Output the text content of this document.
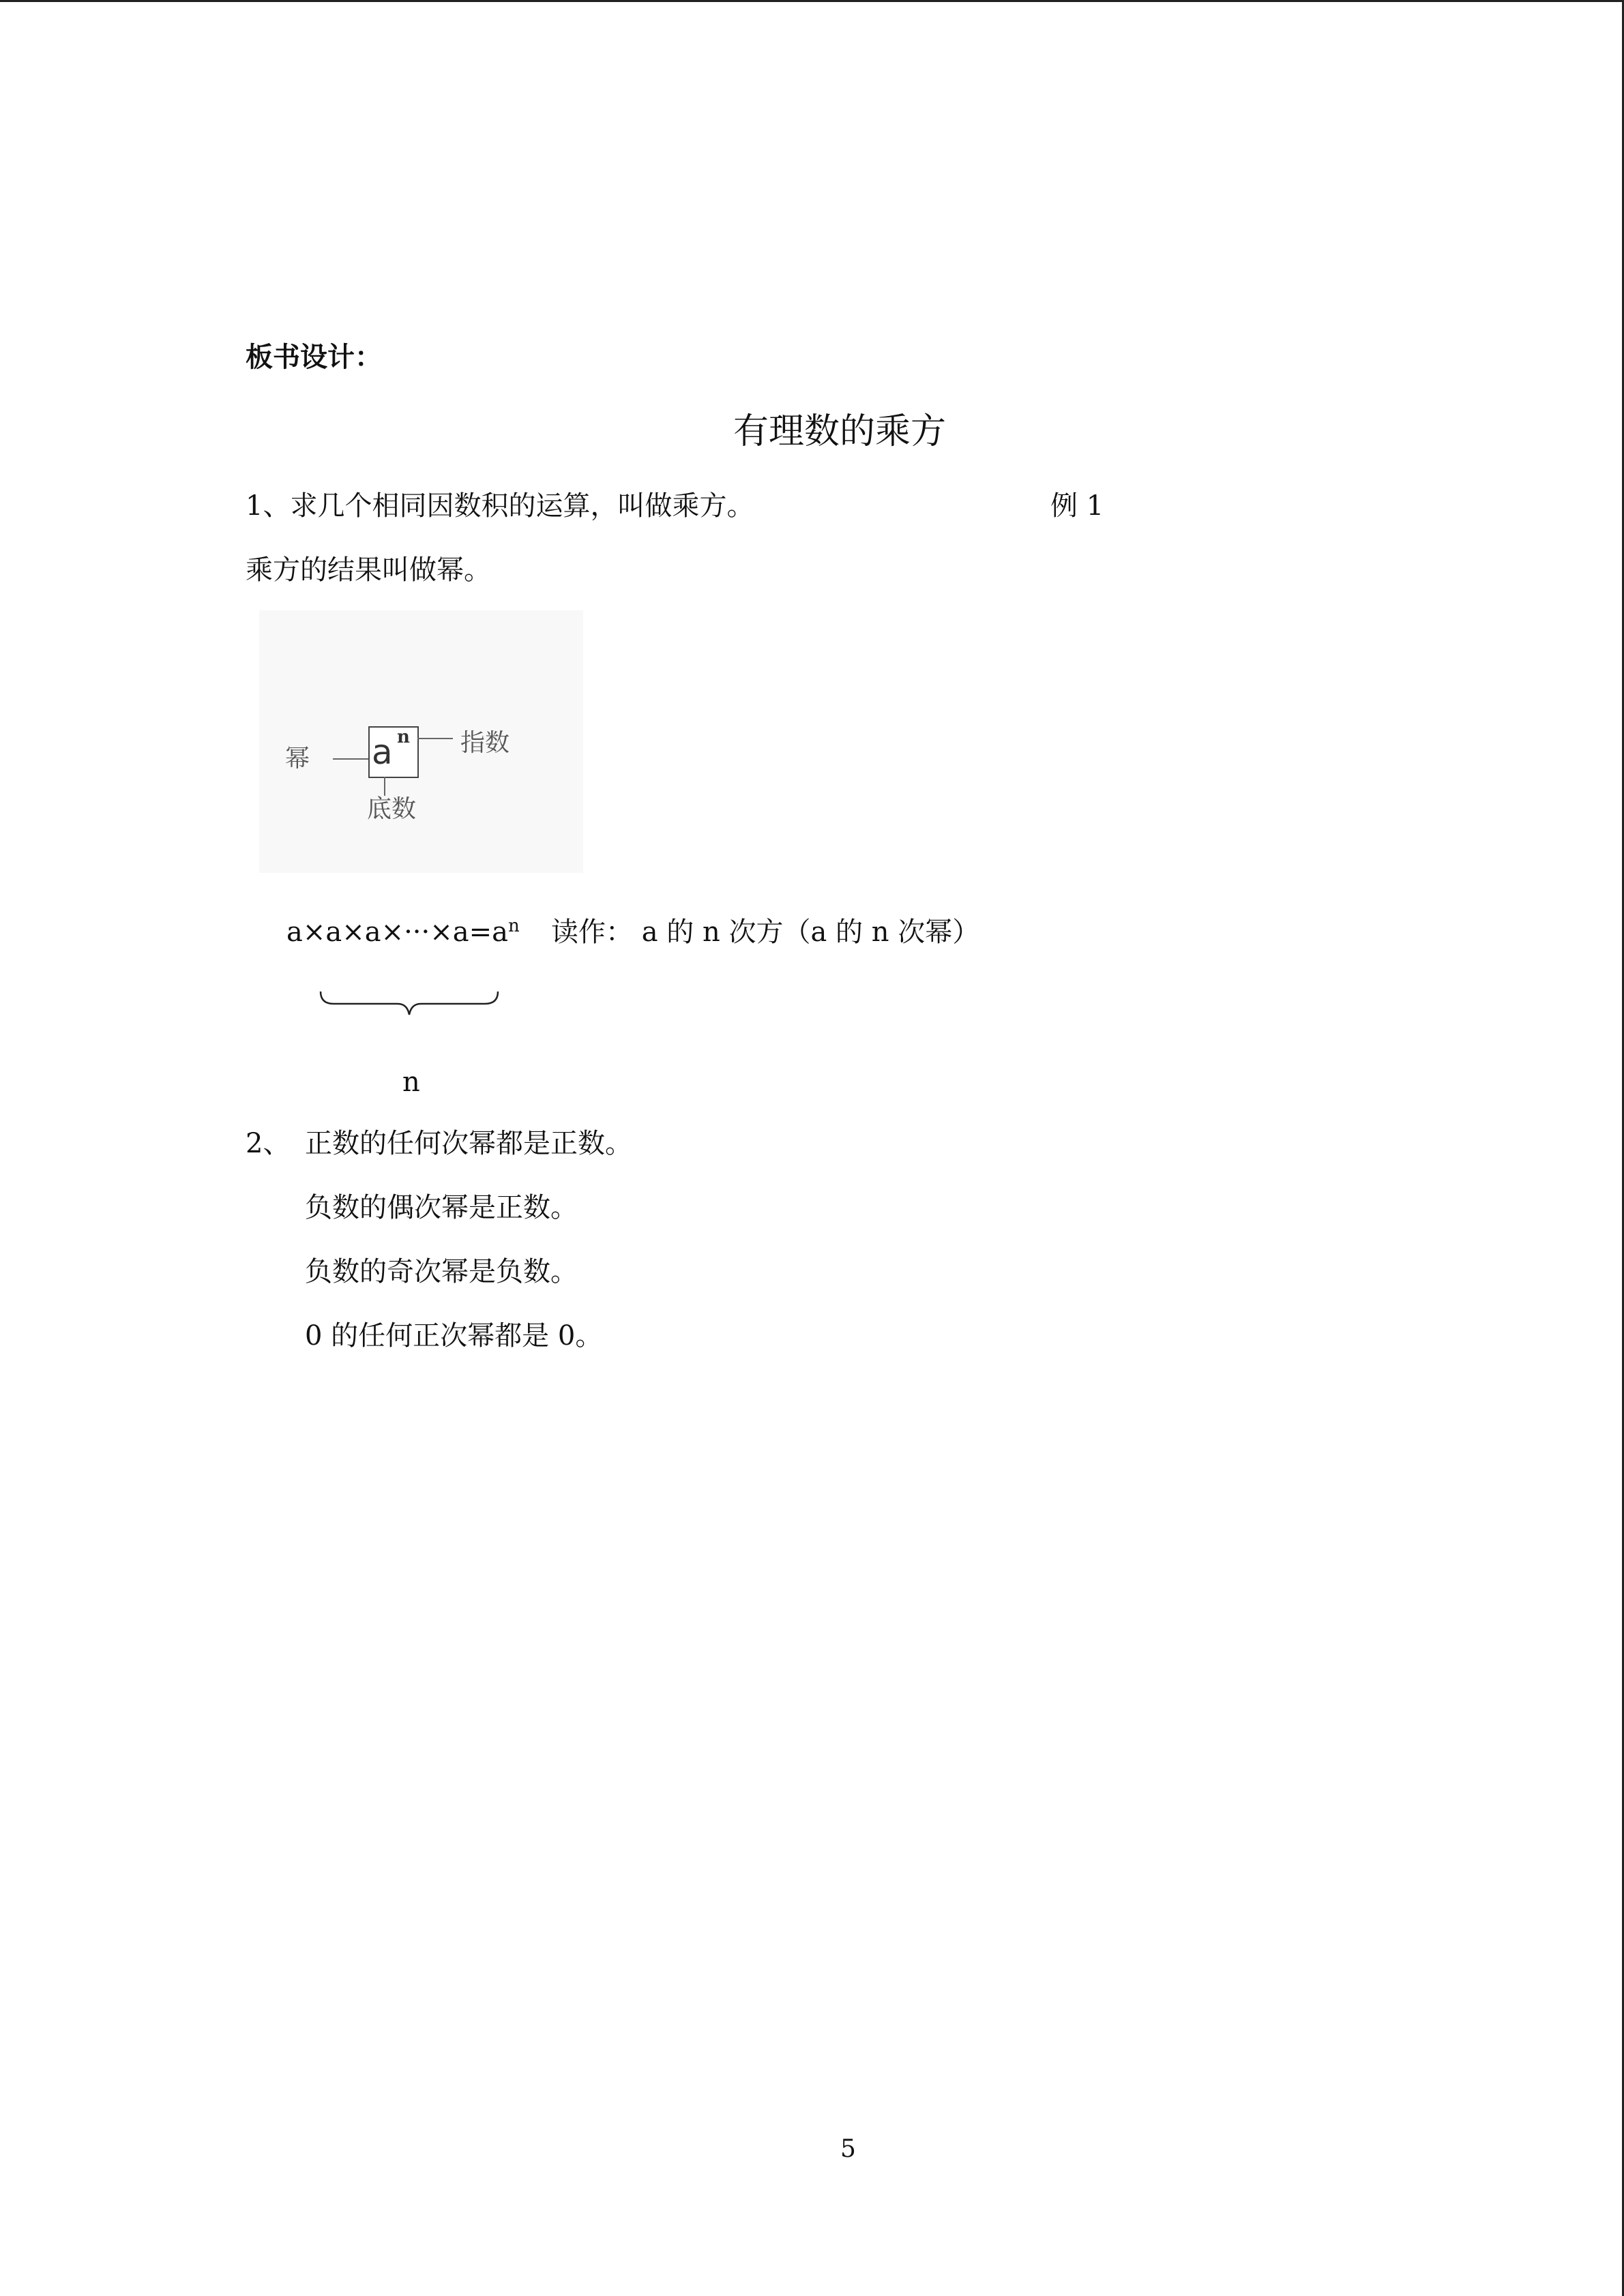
板书设计：
有理数的乘方
1、求几个相同因数积的运算，叫做乘方。	例 1
乘方的结果叫做幂。
幂 a n 指数
底数
$a\times a\times a\times\cdot\cdot\cdot\times a=a^n$ 读作： a 的 n 次方（a 的 n 次幂）
n
2、 正数的任何次幂都是正数。
负数的偶次幂是正数。
负数的奇次幂是负数。
0 的任何正次幂都是 0。
5
